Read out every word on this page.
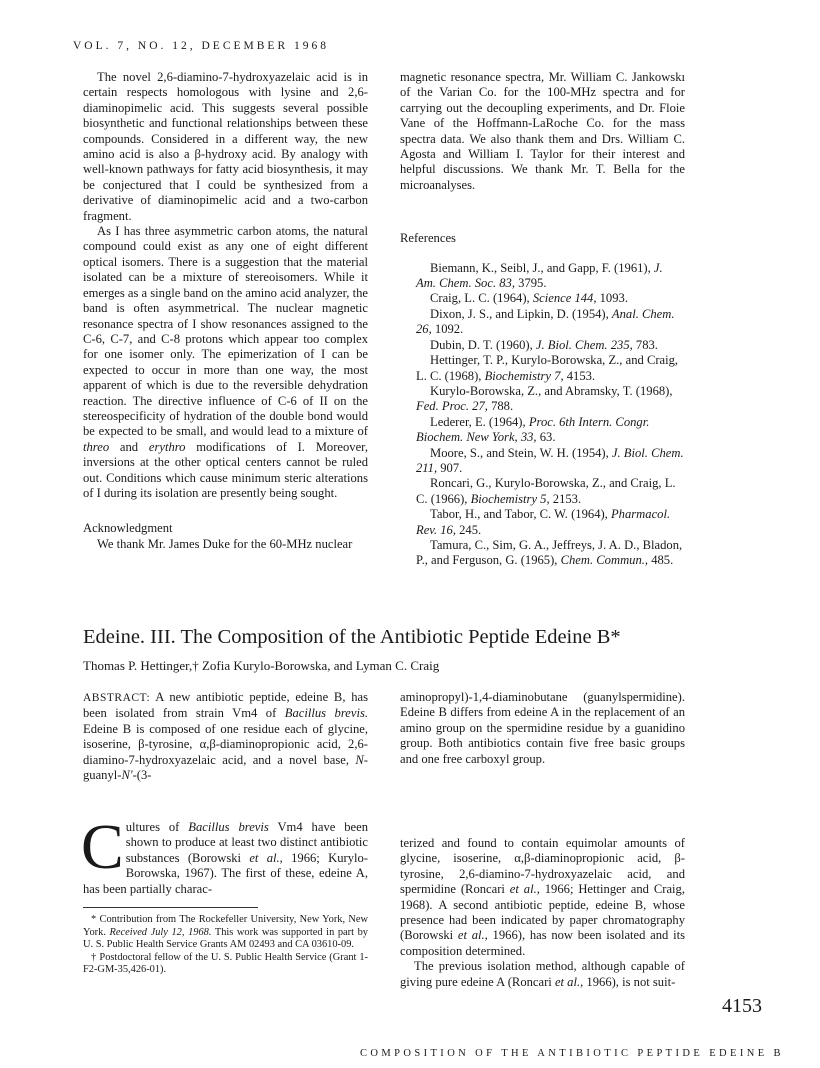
VOL. 7, NO. 12, DECEMBER 1968

The novel 2,6-diamino-7-hydroxyazelaic acid is in certain respects homologous with lysine and 2,6-diaminopimelic acid. This suggests several possible biosynthetic and functional relationships between these compounds. Considered in a different way, the new amino acid is also a β-hydroxy acid. By analogy with well-known pathways for fatty acid biosynthesis, it may be conjectured that I could be synthesized from a derivative of diaminopimelic acid and a two-carbon fragment.

As I has three asymmetric carbon atoms, the natural compound could exist as any one of eight different optical isomers. There is a suggestion that the material isolated can be a mixture of stereoisomers. While it emerges as a single band on the amino acid analyzer, the band is often asymmetrical. The nuclear magnetic resonance spectra of I show resonances assigned to the C-6, C-7, and C-8 protons which appear too complex for one isomer only. The epimerization of I can be expected to occur in more than one way, the most apparent of which is due to the reversible dehydration reaction. The directive influence of C-6 of II on the stereospecificity of hydration of the double bond would be expected to be small, and would lead to a mixture of threo and erythro modifications of I. Moreover, inversions at the other optical centers cannot be ruled out. Conditions which cause minimum steric alterations of I during its isolation are presently being sought.

Acknowledgment

We thank Mr. James Duke for the 60-MHz nuclear

magnetic resonance spectra, Mr. William C. Jankowskı of the Varian Co. for the 100-MHz spectra and for carrying out the decoupling experiments, and Dr. Floie Vane of the Hoffmann-LaRoche Co. for the mass spectra data. We also thank them and Drs. William C. Agosta and William I. Taylor for their interest and helpful discussions. We thank Mr. T. Bella for the microanalyses.

References

Biemann, K., Seibl, J., and Gapp, F. (1961), J. Am. Chem. Soc. 83, 3795.

Craig, L. C. (1964), Science 144, 1093.

Dixon, J. S., and Lipkin, D. (1954), Anal. Chem. 26, 1092.

Dubin, D. T. (1960), J. Biol. Chem. 235, 783.

Hettinger, T. P., Kurylo-Borowska, Z., and Craig, L. C. (1968), Biochemistry 7, 4153.

Kurylo-Borowska, Z., and Abramsky, T. (1968), Fed. Proc. 27, 788.

Lederer, E. (1964), Proc. 6th Intern. Congr. Biochem. New York, 33, 63.

Moore, S., and Stein, W. H. (1954), J. Biol. Chem. 211, 907.

Roncari, G., Kurylo-Borowska, Z., and Craig, L. C. (1966), Biochemistry 5, 2153.

Tabor, H., and Tabor, C. W. (1964), Pharmacol. Rev. 16, 245.

Tamura, C., Sim, G. A., Jeffreys, J. A. D., Bladon, P., and Ferguson, G. (1965), Chem. Commun., 485.

Edeine. III. The Composition of the Antibiotic Peptide Edeine B*
Thomas P. Hettinger,† Zofia Kurylo-Borowska, and Lyman C. Craig

ABSTRACT: A new antibiotic peptide, edeine B, has been isolated from strain Vm4 of Bacillus brevis. Edeine B is composed of one residue each of glycine, isoserine, β-tyrosine, α,β-diaminopropionic acid, 2,6-diamino-7-hydroxyazelaic acid, and a novel base, N-guanyl-N'-(3-

aminopropyl)-1,4-diaminobutane (guanylspermidine). Edeine B differs from edeine A in the replacement of an amino group on the spermidine residue by a guanidino group. Both antibiotics contain five free basic groups and one free carboxyl group.

Cultures of Bacillus brevis Vm4 have been shown to produce at least two distinct antibiotic substances (Borowski et al., 1966; Kurylo-Borowska, 1967). The first of these, edeine A, has been partially charac-

* Contribution from The Rockefeller University, New York, New York. Received July 12, 1968. This work was supported in part by U. S. Public Health Service Grants AM 02493 and CA 03610-09.

† Postdoctoral fellow of the U. S. Public Health Service (Grant 1-F2-GM-35,426-01).

terized and found to contain equimolar amounts of glycine, isoserine, α,β-diaminopropionic acid, β-tyrosine, 2,6-diamino-7-hydroxyazelaic acid, and spermidine (Roncari et al., 1966; Hettinger and Craig, 1968). A second antibiotic peptide, edeine B, whose presence had been indicated by paper chromatography (Borowski et al., 1966), has now been isolated and its composition determined.

The previous isolation method, although capable of giving pure edeine A (Roncari et al., 1966), is not suit-

4153
COMPOSITION OF THE ANTIBIOTIC PEPTIDE EDEINE B
